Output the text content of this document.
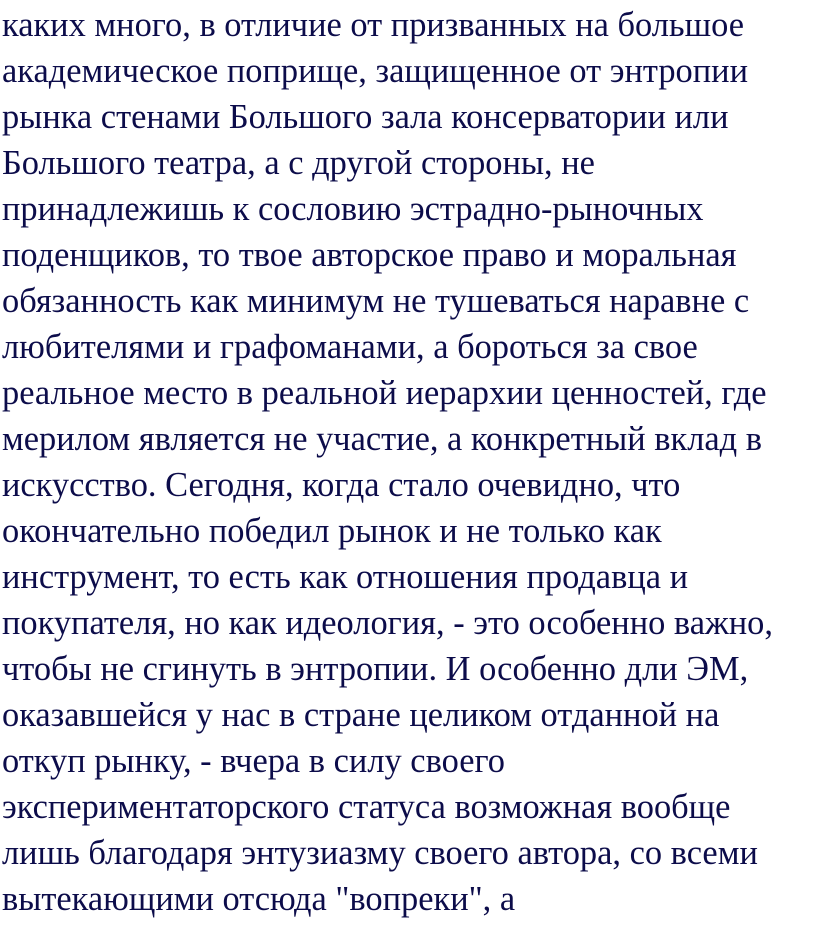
каких много, в отличие от призванных на большое
академическое поприще, защищенное от энтропии
рынка стенами Большого зала консерватории или
Большого театра, а с другой стороны, не
принадлежишь к сословию эстрадно-рыночных
поденщиков, то твое авторское право и моральная
обязанность как минимум не тушеваться наравне с
любителями и графоманами, а бороться за свое
реальное место в реальной иерархии ценностей, где
мерилом является не участие, а конкретный вклад в
искусство. Сегодня, когда стало очевидно, что
окончательно победил рынок и не только как
инструмент, то есть как отношения продавца и
покупателя, но как идеология, - это особенно важно,
чтобы не сгинуть в энтропии. И особенно дли ЭМ,
оказавшейся у нас в стране целиком отданной на
откуп рынку, - вчера в силу своего
экспериментаторского статуса возможная вообще
лишь благодаря энтузиазму своего автора, со всеми
вытекающими отсюда "вопреки", а
